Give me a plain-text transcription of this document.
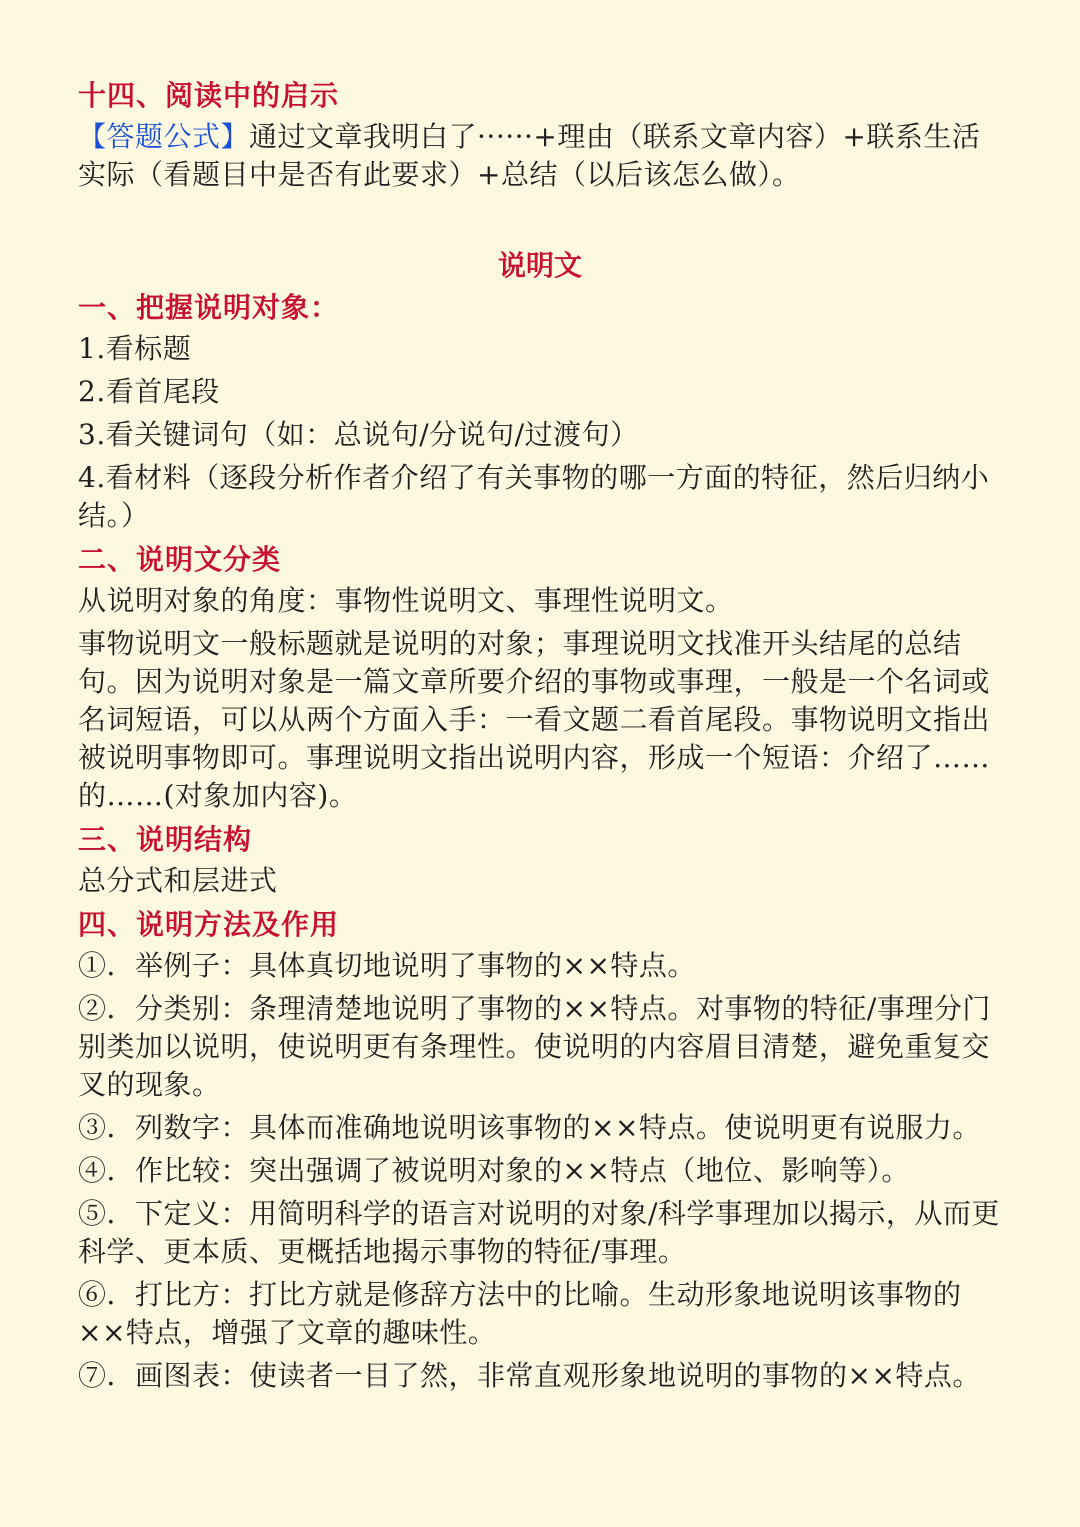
十四、阅读中的启示

【答题公式】通过文章我明白了······+理由（联系文章内容）+联系生活实际（看题目中是否有此要求）+总结（以后该怎么做）。

说明文

一、把握说明对象：

1.看标题

2.看首尾段

3.看关键词句（如：总说句/分说句/过渡句）

4.看材料（逐段分析作者介绍了有关事物的哪一方面的特征，然后归纳小结。）

二、说明文分类

从说明对象的角度：事物性说明文、事理性说明文。

事物说明文一般标题就是说明的对象；事理说明文找准开头结尾的总结句。因为说明对象是一篇文章所要介绍的事物或事理，一般是一个名词或名词短语，可以从两个方面入手：一看文题二看首尾段。事物说明文指出被说明事物即可。事理说明文指出说明内容，形成一个短语：介绍了……的……(对象加内容)。

三、说明结构

总分式和层进式

四、说明方法及作用

①．举例子：具体真切地说明了事物的××特点。

②．分类别：条理清楚地说明了事物的××特点。对事物的特征/事理分门别类加以说明，使说明更有条理性。使说明的内容眉目清楚，避免重复交叉的现象。

③．列数字：具体而准确地说明该事物的××特点。使说明更有说服力。

④．作比较：突出强调了被说明对象的××特点（地位、影响等）。

⑤．下定义：用简明科学的语言对说明的对象/科学事理加以揭示，从而更科学、更本质、更概括地揭示事物的特征/事理。

⑥．打比方：打比方就是修辞方法中的比喻。生动形象地说明该事物的××特点，增强了文章的趣味性。

⑦．画图表：使读者一目了然，非常直观形象地说明的事物的××特点。
